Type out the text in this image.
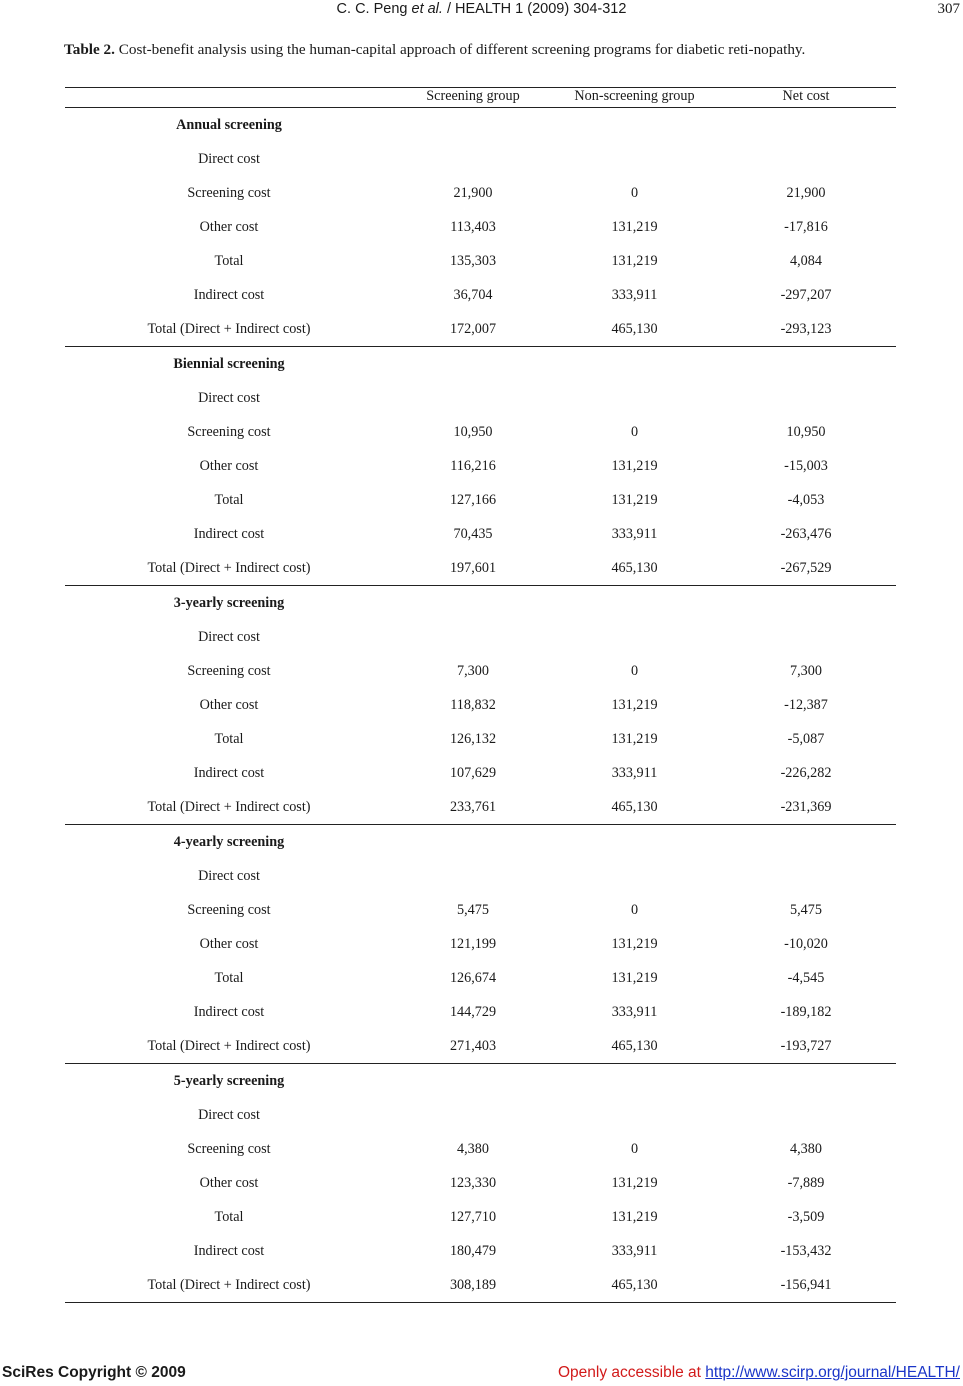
C. C. Peng et al. / HEALTH 1 (2009) 304-312	307
Table 2. Cost-benefit analysis using the human-capital approach of different screening programs for diabetic reti-nopathy.
	Screening group	Non-screening group	Net cost
Annual screening			
Direct cost			
Screening cost	21,900	0	21,900
Other cost	113,403	131,219	-17,816
Total	135,303	131,219	4,084
Indirect cost	36,704	333,911	-297,207
Total (Direct + Indirect cost)	172,007	465,130	-293,123
Biennial screening			
Direct cost			
Screening cost	10,950	0	10,950
Other cost	116,216	131,219	-15,003
Total	127,166	131,219	-4,053
Indirect cost	70,435	333,911	-263,476
Total (Direct + Indirect cost)	197,601	465,130	-267,529
3-yearly screening			
Direct cost			
Screening cost	7,300	0	7,300
Other cost	118,832	131,219	-12,387
Total	126,132	131,219	-5,087
Indirect cost	107,629	333,911	-226,282
Total (Direct + Indirect cost)	233,761	465,130	-231,369
4-yearly screening			
Direct cost			
Screening cost	5,475	0	5,475
Other cost	121,199	131,219	-10,020
Total	126,674	131,219	-4,545
Indirect cost	144,729	333,911	-189,182
Total (Direct + Indirect cost)	271,403	465,130	-193,727
5-yearly screening			
Direct cost			
Screening cost	4,380	0	4,380
Other cost	123,330	131,219	-7,889
Total	127,710	131,219	-3,509
Indirect cost	180,479	333,911	-153,432
Total (Direct + Indirect cost)	308,189	465,130	-156,941
SciRes Copyright © 2009	Openly accessible at http://www.scirp.org/journal/HEALTH/
